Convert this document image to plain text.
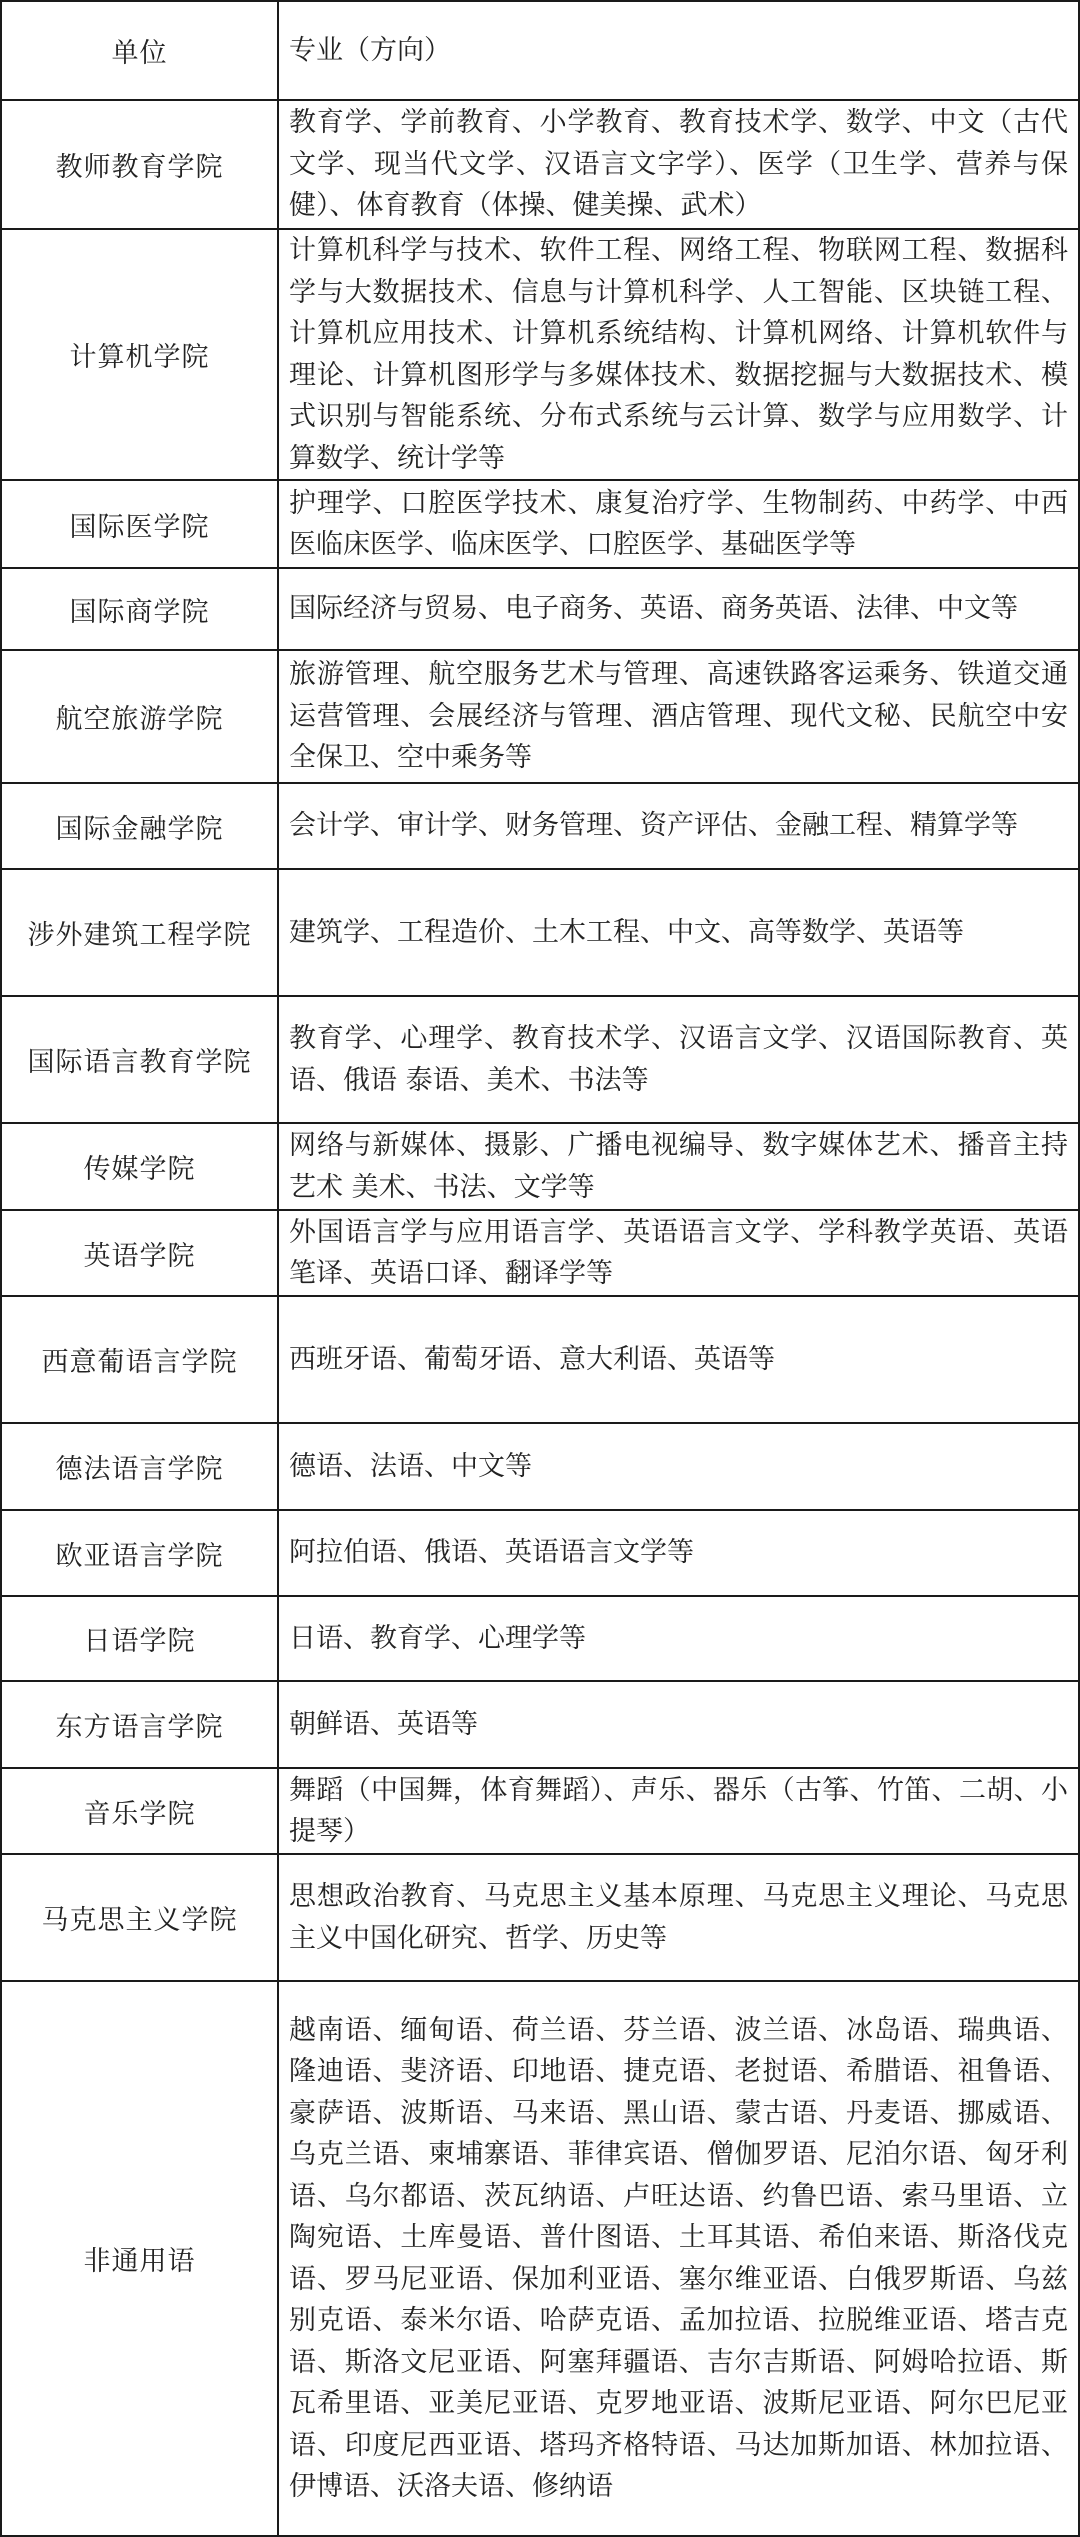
单位	专业（方向）
教师教育学院	教育学、学前教育、小学教育、教育技术学、数学、中文（古代文学、现当代文学、汉语言文字学）、医学（卫生学、营养与保健）、体育教育（体操、健美操、武术）
计算机学院	计算机科学与技术、软件工程、网络工程、物联网工程、数据科学与大数据技术、信息与计算机科学、人工智能、区块链工程、计算机应用技术、计算机系统结构、计算机网络、计算机软件与理论、计算机图形学与多媒体技术、数据挖掘与大数据技术、模式识别与智能系统、分布式系统与云计算、数学与应用数学、计算数学、统计学等
国际医学院	护理学、口腔医学技术、康复治疗学、生物制药、中药学、中西医临床医学、临床医学、口腔医学、基础医学等
国际商学院	国际经济与贸易、电子商务、英语、商务英语、法律、中文等
航空旅游学院	旅游管理、航空服务艺术与管理、高速铁路客运乘务、铁道交通运营管理、会展经济与管理、酒店管理、现代文秘、民航空中安全保卫、空中乘务等
国际金融学院	会计学、审计学、财务管理、资产评估、金融工程、精算学等
涉外建筑工程学院	建筑学、工程造价、土木工程、中文、高等数学、英语等
国际语言教育学院	教育学、心理学、教育技术学、汉语言文学、汉语国际教育、英语、俄语 泰语、美术、书法等
传媒学院	网络与新媒体、摄影、广播电视编导、数字媒体艺术、播音主持艺术 美术、书法、文学等
英语学院	外国语言学与应用语言学、英语语言文学、学科教学英语、英语笔译、英语口译、翻译学等
西意葡语言学院	西班牙语、葡萄牙语、意大利语、英语等
德法语言学院	德语、法语、中文等
欧亚语言学院	阿拉伯语、俄语、英语语言文学等
日语学院	日语、教育学、心理学等
东方语言学院	朝鲜语、英语等
音乐学院	舞蹈（中国舞，体育舞蹈）、声乐、器乐（古筝、竹笛、二胡、小提琴）
马克思主义学院	思想政治教育、马克思主义基本原理、马克思主义理论、马克思主义中国化研究、哲学、历史等
非通用语	越南语、缅甸语、荷兰语、芬兰语、波兰语、冰岛语、瑞典语、隆迪语、斐济语、印地语、捷克语、老挝语、希腊语、祖鲁语、豪萨语、波斯语、马来语、黑山语、蒙古语、丹麦语、挪威语、乌克兰语、柬埔寨语、菲律宾语、僧伽罗语、尼泊尔语、匈牙利语、乌尔都语、茨瓦纳语、卢旺达语、约鲁巴语、索马里语、立陶宛语、土库曼语、普什图语、土耳其语、希伯来语、斯洛伐克语、罗马尼亚语、保加利亚语、塞尔维亚语、白俄罗斯语、乌兹别克语、泰米尔语、哈萨克语、孟加拉语、拉脱维亚语、塔吉克语、斯洛文尼亚语、阿塞拜疆语、吉尔吉斯语、阿姆哈拉语、斯瓦希里语、亚美尼亚语、克罗地亚语、波斯尼亚语、阿尔巴尼亚语、印度尼西亚语、塔玛齐格特语、马达加斯加语、林加拉语、伊博语、沃洛夫语、修纳语
